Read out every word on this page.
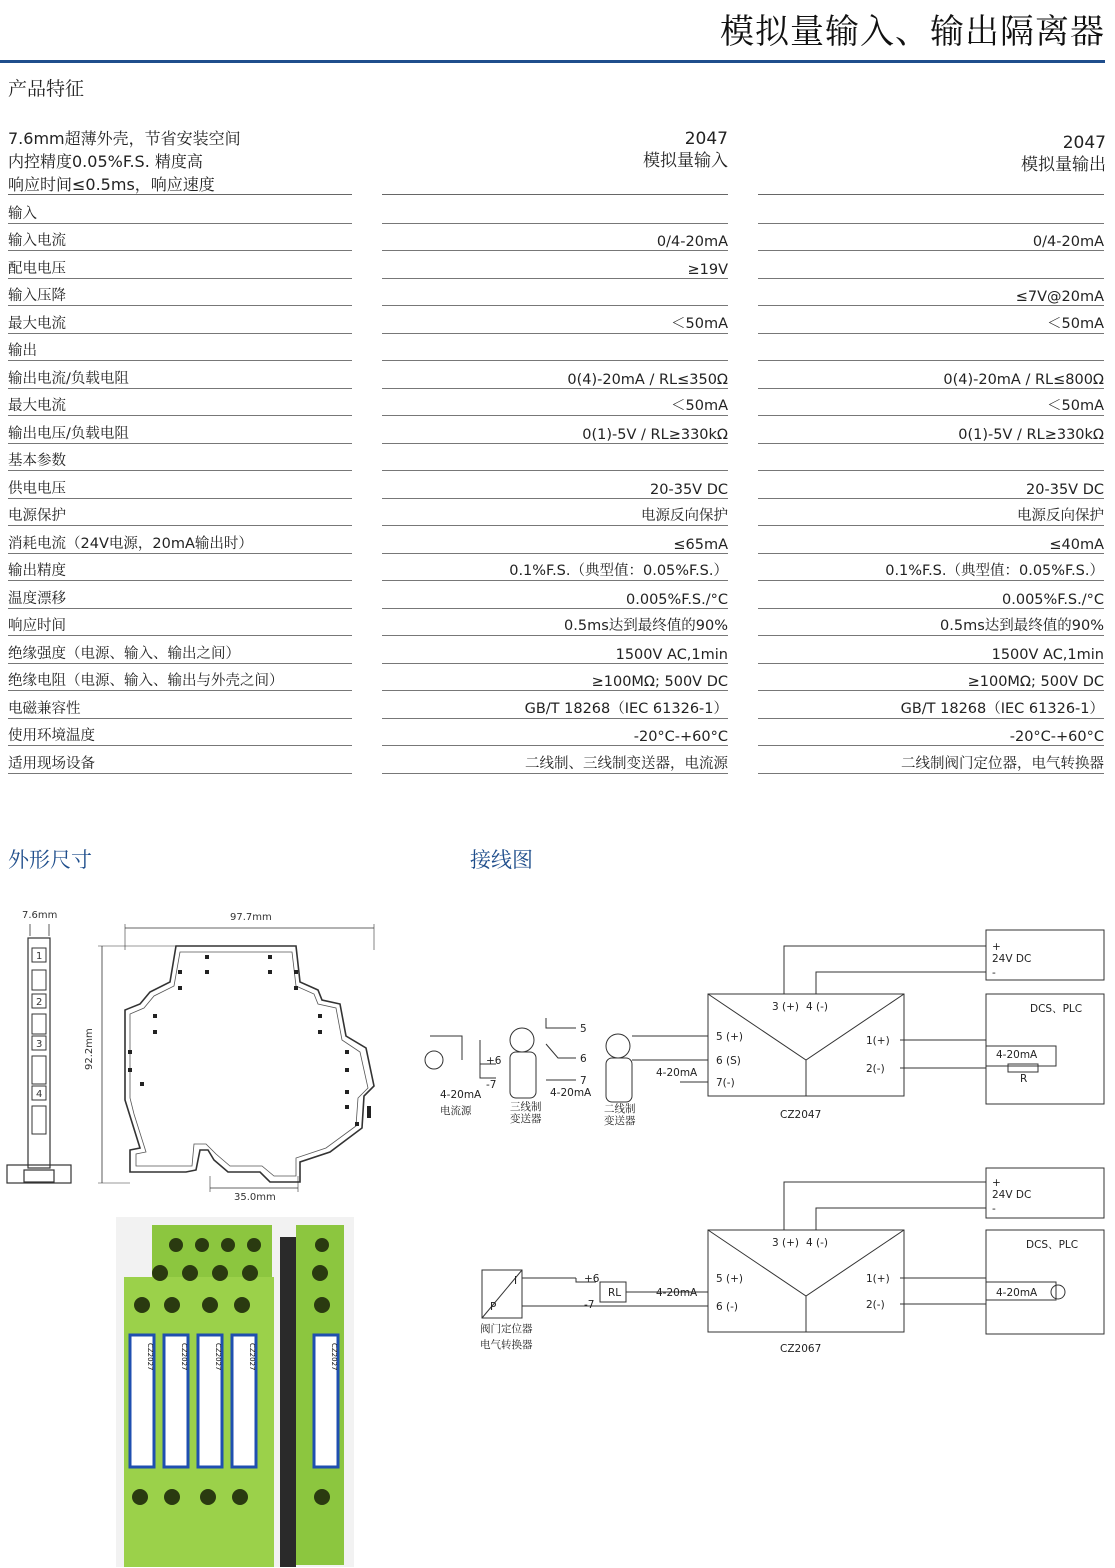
模拟量输入、输出隔离器
产品特征
7.6mm超薄外壳，节省安装空间
内控精度0.05%F.S. 精度高
响应时间≤0.5ms，响应速度
2047
模拟量输入
2047
模拟量输出
输入				
输入电流		0/4-20mA		0/4-20mA
配电电压		≥19V		
输入压降				≤7V@20mA
最大电流		＜50mA		＜50mA
输出				
输出电流/负载电阻		0(4)-20mA / RL≤350Ω		0(4)-20mA / RL≤800Ω
最大电流		＜50mA		＜50mA
输出电压/负载电阻		0(1)-5V / RL≥330kΩ		0(1)-5V / RL≥330kΩ
基本参数				
供电电压		20-35V DC		20-35V DC
电源保护		电源反向保护		电源反向保护
消耗电流（24V电源，20mA输出时）		≤65mA		≤40mA
输出精度		0.1%F.S.（典型值：0.05%F.S.）		0.1%F.S.（典型值：0.05%F.S.）
温度漂移		0.005%F.S./°C		0.005%F.S./°C
响应时间		0.5ms达到最终值的90%		0.5ms达到最终值的90%
绝缘强度（电源、输入、输出之间）		1500V AC,1min		1500V AC,1min
绝缘电阻（电源、输入、输出与外壳之间）		≥100MΩ; 500V DC		≥100MΩ; 500V DC
电磁兼容性		GB/T 18268（IEC 61326-1）		GB/T 18268（IEC 61326-1）
使用环境温度		-20°C-+60°C		-20°C-+60°C
适用现场设备		二线制、三线制变送器，电流源		二线制阀门定位器，电气转换器
外形尺寸	接线图
7.6mm
1
2
3
4
97.7mm
92.2mm
35.0mm
CZ2027	CZ2027	CZ2027	CZ2027	CZ2027
+
24V DC
-
3 (+) 4 (-)
5 (+)
6 (S)
7(-)
1(+)
2(-)
DCS、PLC
4-20mA
R
CZ2047
+6
-7
4-20mA
电流源
5
6
7
三线制变送器
4-20mA
二线制变送器
4-20mA
+
24V DC
-
3 (+) 4 (-)
5 (+)
6 (-)
1(+)
2(-)
DCS、PLC
4-20mA
CZ2067
I
P
阀门定位器
电气转换器
+6
-7
RL	4-20mA
